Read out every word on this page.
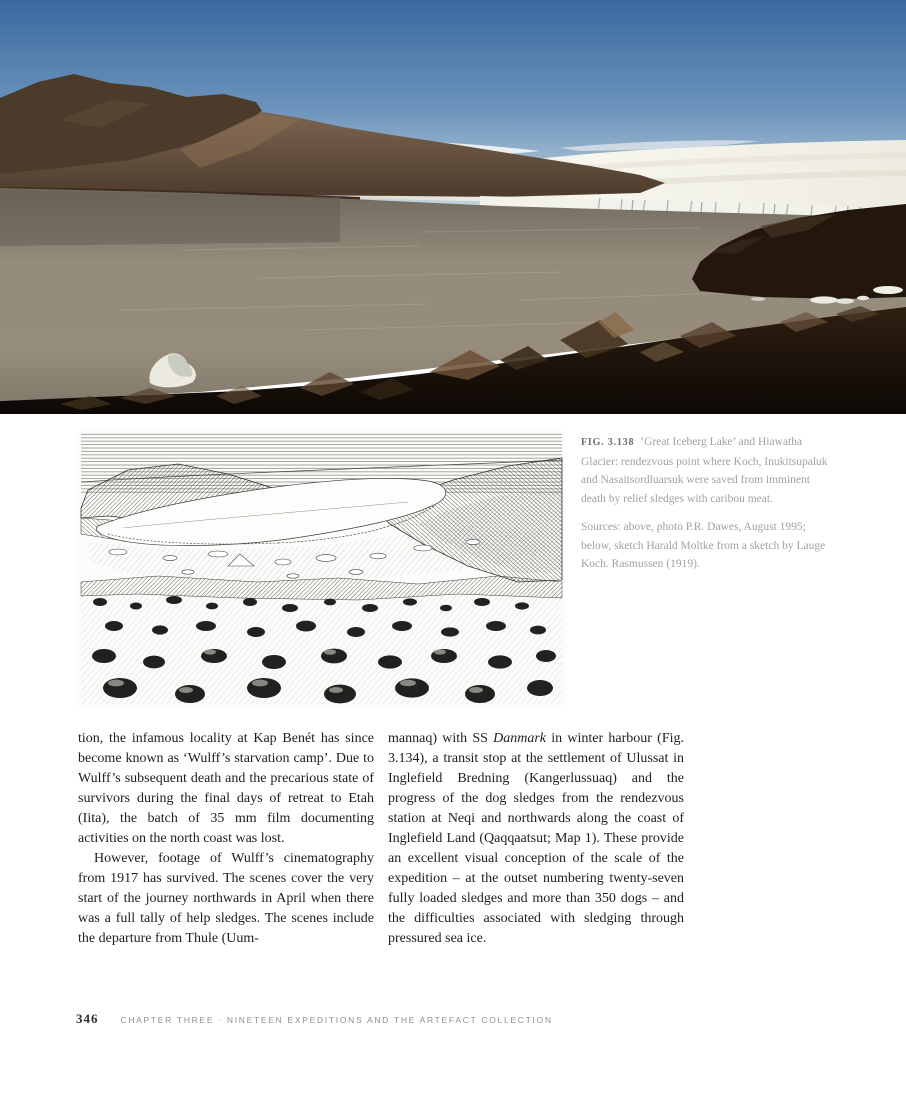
FIG. 3.138 ‘Great Iceberg Lake’ and Hiawatha Glacier: rendezvous point where Koch, Inukitsupaluk and Nasaitsordluarsuk were saved from imminent death by relief sledges with caribou meat.

Sources: above, photo P.R. Dawes, August 1995; below, sketch Harald Moltke from a sketch by Lauge Koch. Rasmussen (1919).

tion, the infamous locality at Kap Benét has since become known as ‘Wulff’s starvation camp’. Due to Wulff’s subsequent death and the precarious state of survivors during the final days of retreat to Etah (Iita), the batch of 35 mm film documenting activities on the north coast was lost.

However, footage of Wulff’s cinematography from 1917 has survived. The scenes cover the very start of the journey northwards in April when there was a full tally of help sledges. The scenes include the departure from Thule (Uum-

mannaq) with SS Danmark in winter harbour (Fig. 3.134), a transit stop at the settlement of Ulussat in Inglefield Bredning (Kangerlussuaq) and the progress of the dog sledges from the rendezvous station at Neqi and northwards along the coast of Inglefield Land (Qaqqaatsut; Map 1). These provide an excellent visual conception of the scale of the expedition – at the outset numbering twenty-seven fully loaded sledges and more than 350 dogs – and the difficulties associated with sledging through pressured sea ice.

346	CHAPTER THREE · NINETEEN EXPEDITIONS AND THE ARTEFACT COLLECTION
